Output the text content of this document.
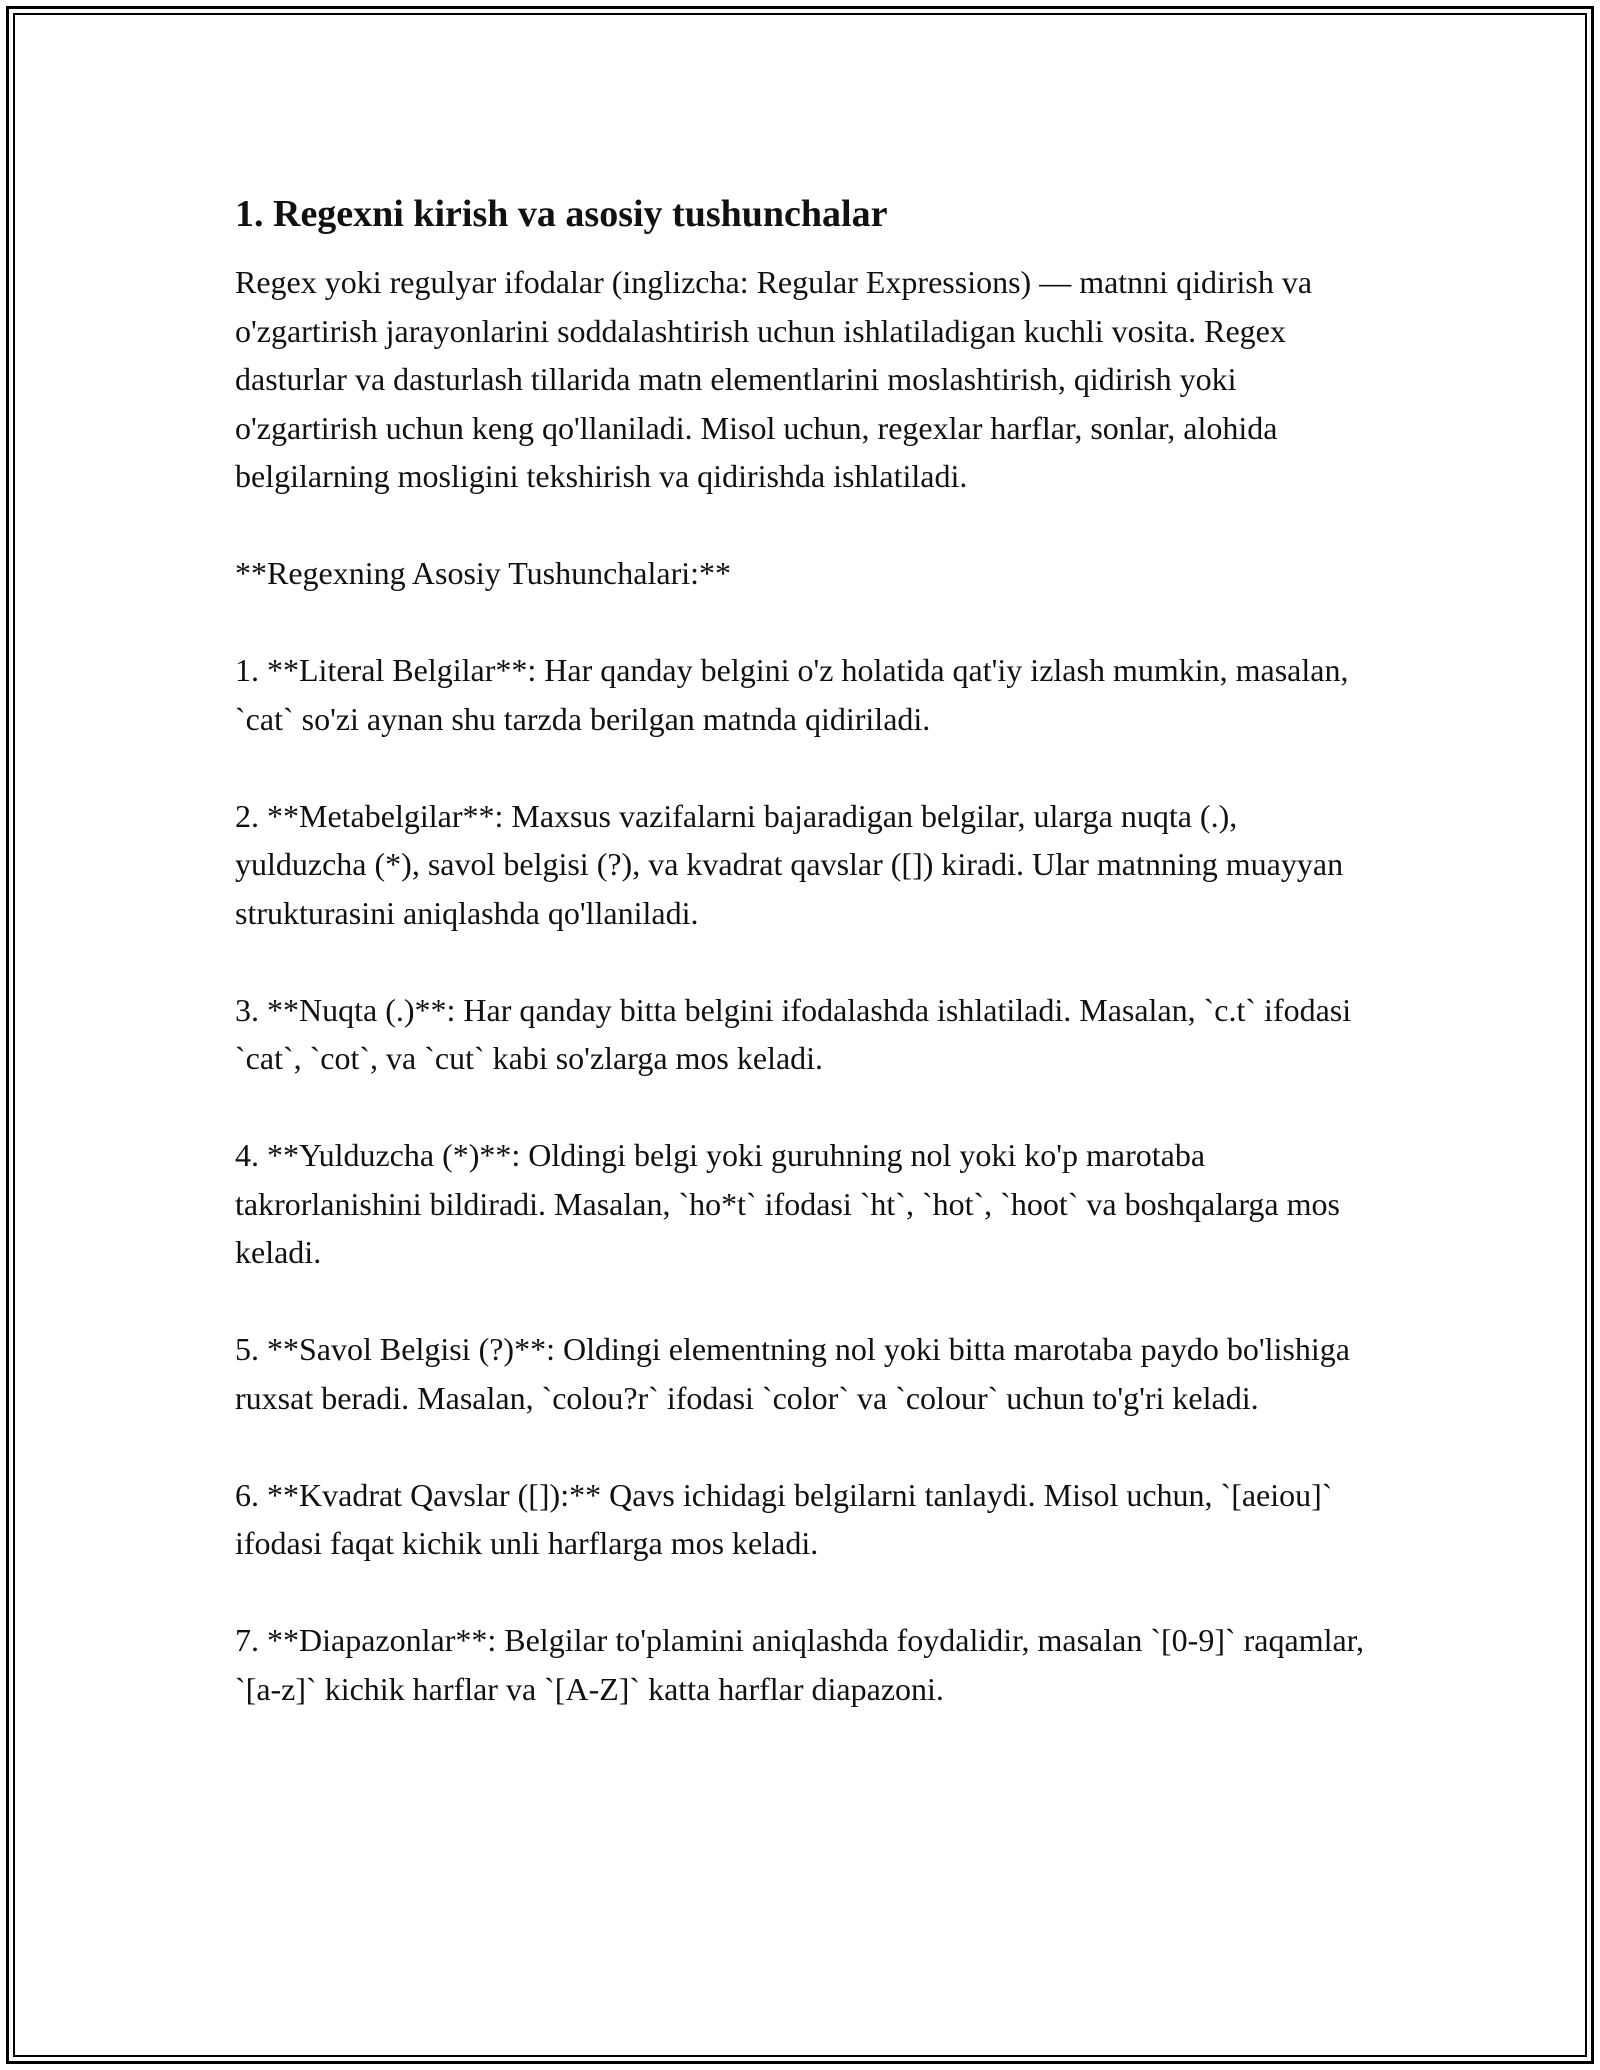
1. Regexni kirish va asosiy tushunchalar

Regex yoki regulyar ifodalar (inglizcha: Regular Expressions) — matnni qidirish va o'zgartirish jarayonlarini soddalashtirish uchun ishlatiladigan kuchli vosita. Regex dasturlar va dasturlash tillarida matn elementlarini moslashtirish, qidirish yoki o'zgartirish uchun keng qo'llaniladi. Misol uchun, regexlar harflar, sonlar, alohida belgilarning mosligini tekshirish va qidirishda ishlatiladi.

**Regexning Asosiy Tushunchalari:**

1. **Literal Belgilar**: Har qanday belgini o'z holatida qat'iy izlash mumkin, masalan, `cat` so'zi aynan shu tarzda berilgan matnda qidiriladi.

2. **Metabelgilar**: Maxsus vazifalarni bajaradigan belgilar, ularga nuqta (.), yulduzcha (*), savol belgisi (?), va kvadrat qavslar ([]) kiradi. Ular matnning muayyan strukturasini aniqlashda qo'llaniladi.

3. **Nuqta (.)**: Har qanday bitta belgini ifodalashda ishlatiladi. Masalan, `c.t` ifodasi `cat`, `cot`, va `cut` kabi so'zlarga mos keladi.

4. **Yulduzcha (*)**: Oldingi belgi yoki guruhning nol yoki ko'p marotaba takrorlanishini bildiradi. Masalan, `ho*t` ifodasi `ht`, `hot`, `hoot` va boshqalarga mos keladi.

5. **Savol Belgisi (?)**: Oldingi elementning nol yoki bitta marotaba paydo bo'lishiga ruxsat beradi. Masalan, `colou?r` ifodasi `color` va `colour` uchun to'g'ri keladi.

6. **Kvadrat Qavslar ([]):** Qavs ichidagi belgilarni tanlaydi. Misol uchun, `[aeiou]` ifodasi faqat kichik unli harflarga mos keladi.

7. **Diapazonlar**: Belgilar to'plamini aniqlashda foydalidir, masalan `[0-9]` raqamlar, `[a-z]` kichik harflar va `[A-Z]` katta harflar diapazoni.
